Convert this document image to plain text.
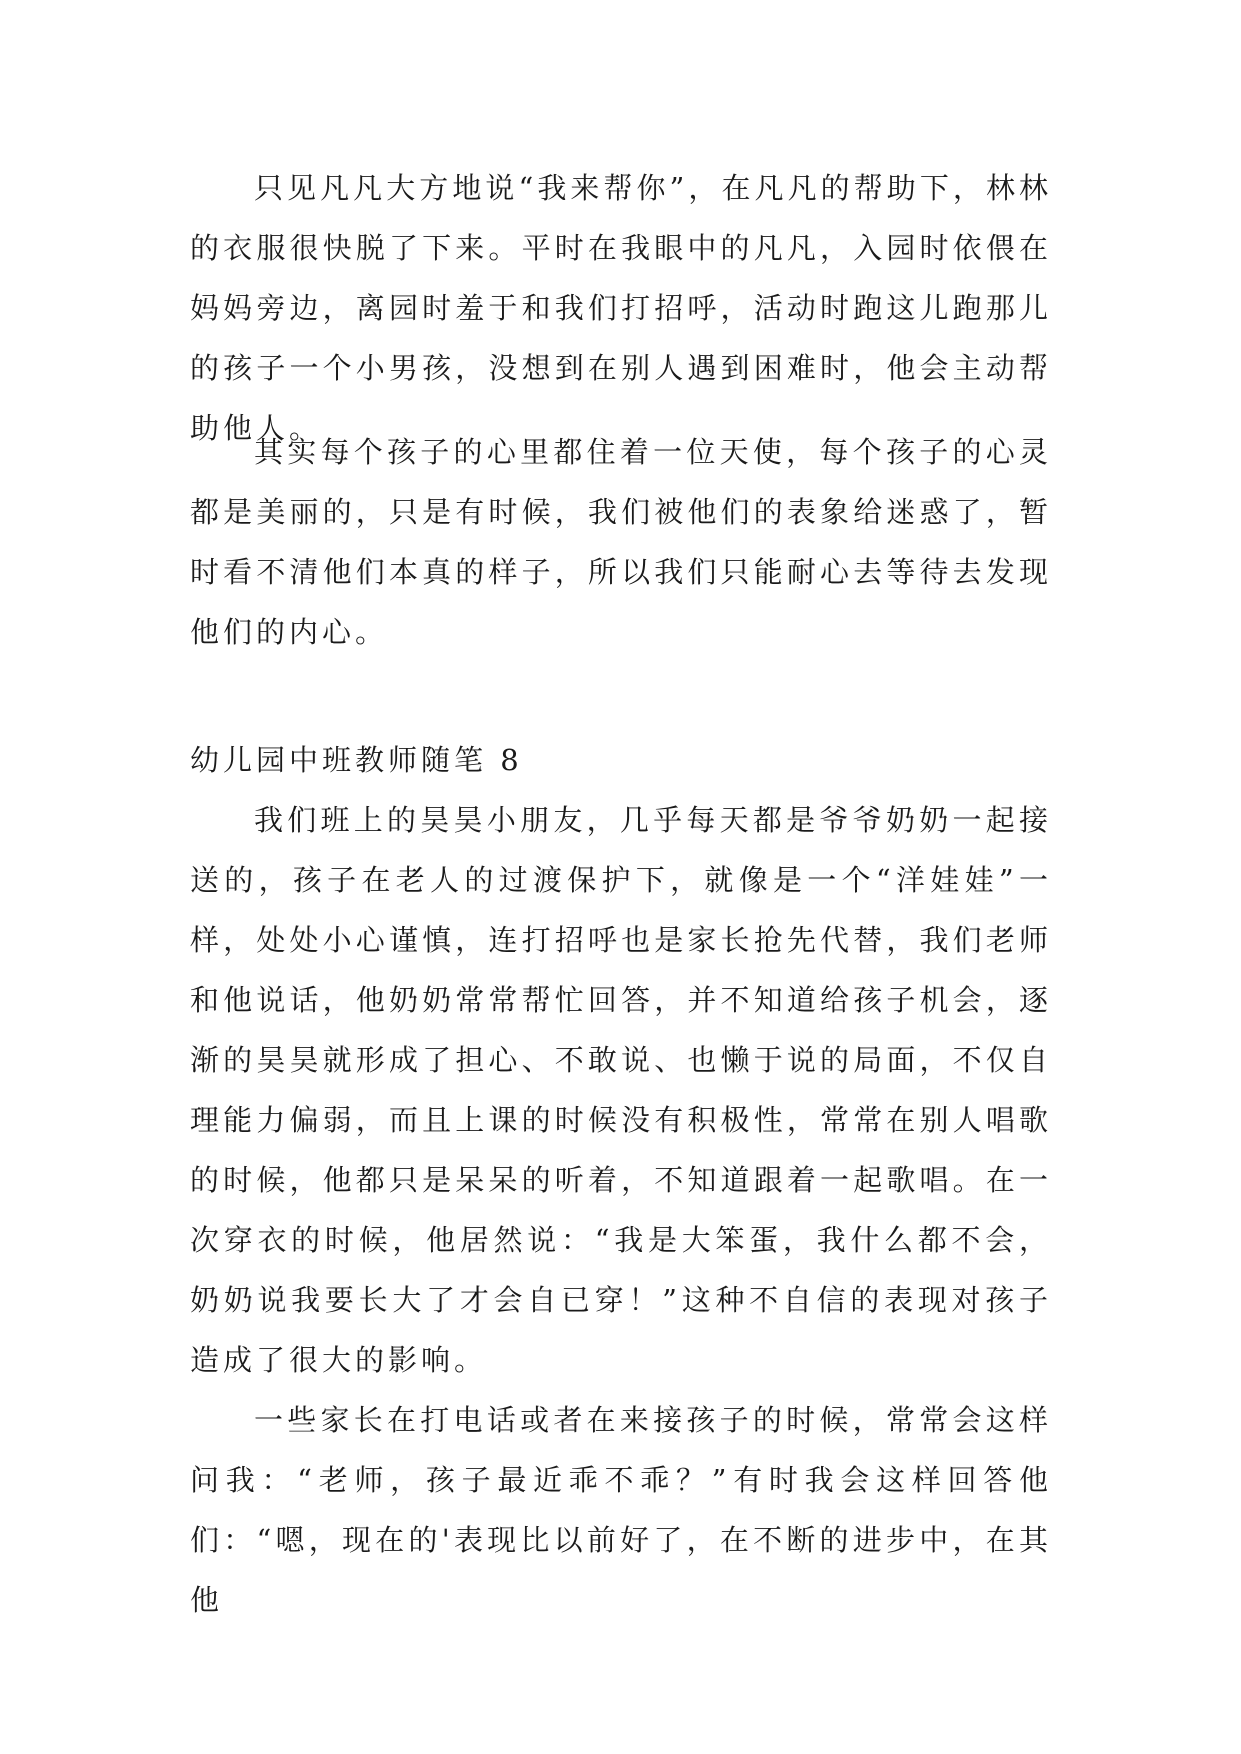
只见凡凡大方地说“我来帮你”，在凡凡的帮助下，林林的衣服很快脱了下来。平时在我眼中的凡凡，入园时依偎在妈妈旁边，离园时羞于和我们打招呼，活动时跑这儿跑那儿的孩子一个小男孩，没想到在别人遇到困难时，他会主动帮助他人。

其实每个孩子的心里都住着一位天使，每个孩子的心灵都是美丽的，只是有时候，我们被他们的表象给迷惑了，暂时看不清他们本真的样子，所以我们只能耐心去等待去发现他们的内心。

幼儿园中班教师随笔 8

我们班上的昊昊小朋友，几乎每天都是爷爷奶奶一起接送的，孩子在老人的过渡保护下，就像是一个“洋娃娃”一样，处处小心谨慎，连打招呼也是家长抢先代替，我们老师和他说话，他奶奶常常帮忙回答，并不知道给孩子机会，逐渐的昊昊就形成了担心、不敢说、也懒于说的局面，不仅自理能力偏弱，而且上课的时候没有积极性，常常在别人唱歌的时候，他都只是呆呆的听着，不知道跟着一起歌唱。在一次穿衣的时候，他居然说：“我是大笨蛋，我什么都不会，奶奶说我要长大了才会自已穿！”这种不自信的表现对孩子造成了很大的影响。

一些家长在打电话或者在来接孩子的时候，常常会这样问我：“老师，孩子最近乖不乖？”有时我会这样回答他们：“嗯，现在的'表现比以前好了，在不断的进步中，在其他
